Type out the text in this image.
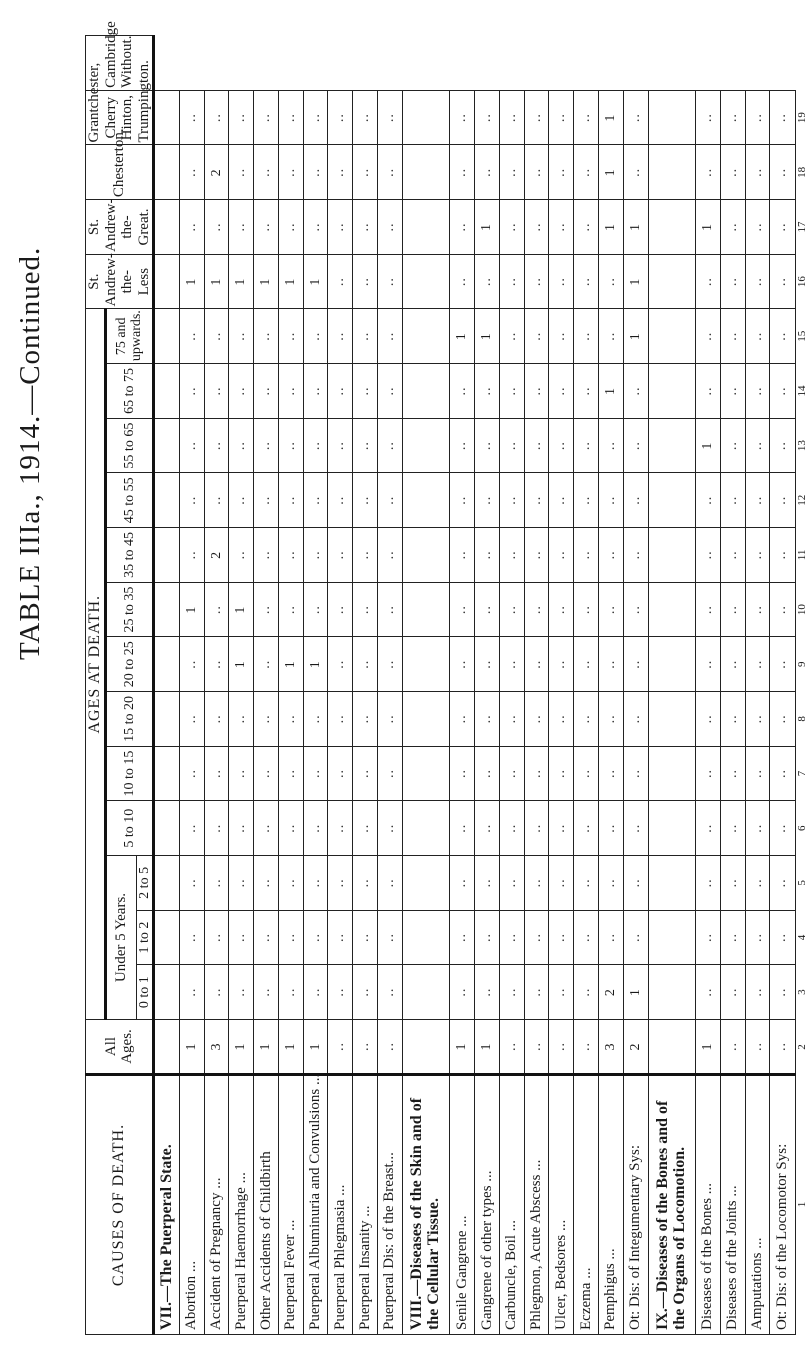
TABLE IIIa., 1914.—Continued.
CAUSES OF DEATH.	All Ages.	AGES AT DEATH.													St. Andrew-the-Less	St. Andrew-the-Great.	Chesterton.	Grantchester, Cherry Hinton, Trumpington.	Cambridge Without.
		Under 5 Years.			5 to 10	10 to 15	15 to 20	20 to 25	25 to 35	35 to 45	45 to 55	55 to 65	65 to 75	75 and upwards.					
		0 to 1	1 to 2	2 to 5															
VII.—The Puerperal State.																			
Abortion ...	1	..	..	..	..	..	..	..	1	..	..	..	..	..	1	..	..	..	
Accident of Pregnancy ...	3	..	..	..	..	..	..	..	..	2	..	..	..	..	1	..	2	..	
Puerperal Haemorrhage ...	1	..	..	..	..	..	..	1	1	..	..	..	..	..	1	..	..	..	
Other Accidents of Childbirth	1	..	..	..	..	..	..	..	..	..	..	..	..	..	1	..	..	..	
Puerperal Fever ...	1	..	..	..	..	..	..	1	..	..	..	..	..	..	1	..	..	..	
Puerperal Albuminuria and Convulsions ...	1	..	..	..	..	..	..	1	..	..	..	..	..	..	1	..	..	..	
Puerperal Phlegmasia ...	..	..	..	..	..	..	..	..	..	..	..	..	..	..	..	..	..	..	
Puerperal Insanity ...	..	..	..	..	..	..	..	..	..	..	..	..	..	..	..	..	..	..	
Puerperal Dis: of the Breast...	..	..	..	..	..	..	..	..	..	..	..	..	..	..	..	..	..	..	
VIII.—Diseases of the Skin and of the Cellular Tissue.																			
Senile Gangrene ...	1	..	..	..	..	..	..	..	..	..	..	..	..	1	..	..	..	..	
Gangrene of other types ...	1	..	..	..	..	..	..	..	..	..	..	..	..	1	..	1	..	..	
Carbuncle, Boil ...	..	..	..	..	..	..	..	..	..	..	..	..	..	..	..	..	..	..	
Phlegmon, Acute Abscess ...	..	..	..	..	..	..	..	..	..	..	..	..	..	..	..	..	..	..	
Ulcer, Bedsores ...	..	..	..	..	..	..	..	..	..	..	..	..	..	..	..	..	..	..	
Eczema ...	..	..	..	..	..	..	..	..	..	..	..	..	..	..	..	..	..	..	
Pemphigus ...	3	2	..	..	..	..	..	..	..	..	..	..	1	..	..	1	1	1	
Ot: Dis: of Integumentary Sys:	2	1	..	..	..	..	..	..	..	..	..	..	..	1	1	1	..	..	
IX.—Diseases of the Bones and of the Organs of Locomotion.																			
Diseases of the Bones ...	1	..	..	..	..	..	..	..	..	..	..	1	..	..	..	1	..	..	
Diseases of the Joints ...	..	..	..	..	..	..	..	..	..	..	..	..	..	..	..	..	..	..	
Amputations ...	..	..	..	..	..	..	..	..	..	..	..	..	..	..	..	..	..	..	
Ot: Dis: of the Locomotor Sys:	..	..	..	..	..	..	..	..	..	..	..	..	..	..	..	..	..	..	
1	2	3	4	5	6	7	8	9	10	11	12	13	14	15	16	17	18	19	
